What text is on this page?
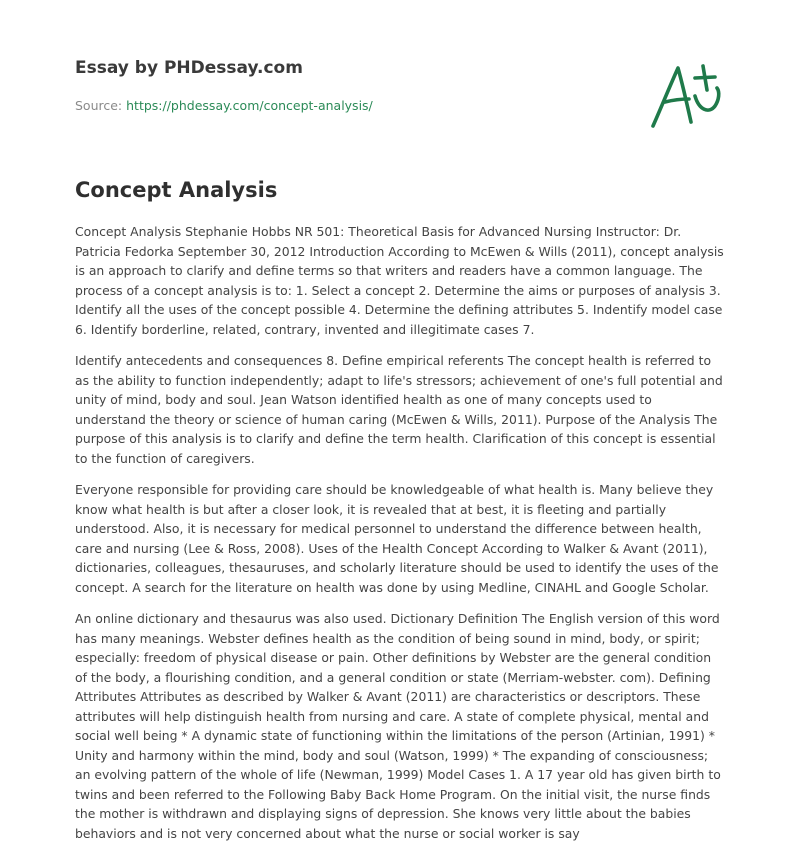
Essay by PHDessay.com
Source: https://phdessay.com/concept-analysis/
Concept Analysis

Concept Analysis Stephanie Hobbs NR 501: Theoretical Basis for Advanced Nursing Instructor: Dr. Patricia Fedorka September 30, 2012 Introduction According to McEwen & Wills (2011), concept analysis is an approach to clarify and define terms so that writers and readers have a common language. The process of a concept analysis is to: 1. Select a concept 2. Determine the aims or purposes of analysis 3. Identify all the uses of the concept possible 4. Determine the defining attributes 5. Indentify model case 6. Identify borderline, related, contrary, invented and illegitimate cases 7.

Identify antecedents and consequences 8. Define empirical referents The concept health is referred to as the ability to function independently; adapt to life's stressors; achievement of one's full potential and unity of mind, body and soul. Jean Watson identified health as one of many concepts used to understand the theory or science of human caring (McEwen & Wills, 2011). Purpose of the Analysis The purpose of this analysis is to clarify and define the term health. Clarification of this concept is essential to the function of caregivers.

Everyone responsible for providing care should be knowledgeable of what health is. Many believe they know what health is but after a closer look, it is revealed that at best, it is fleeting and partially understood. Also, it is necessary for medical personnel to understand the difference between health, care and nursing (Lee & Ross, 2008). Uses of the Health Concept According to Walker & Avant (2011), dictionaries, colleagues, thesauruses, and scholarly literature should be used to identify the uses of the concept. A search for the literature on health was done by using Medline, CINAHL and Google Scholar.

An online dictionary and thesaurus was also used. Dictionary Definition The English version of this word has many meanings. Webster defines health as the condition of being sound in mind, body, or spirit; especially: freedom of physical disease or pain. Other definitions by Webster are the general condition of the body, a flourishing condition, and a general condition or state (Merriam-webster. com). Defining Attributes Attributes as described by Walker & Avant (2011) are characteristics or descriptors. These attributes will help distinguish health from nursing and care. A state of complete physical, mental and social well being * A dynamic state of functioning within the limitations of the person (Artinian, 1991) * Unity and harmony within the mind, body and soul (Watson, 1999) * The expanding of consciousness; an evolving pattern of the whole of life (Newman, 1999) Model Cases 1. A 17 year old has given birth to twins and been referred to the Following Baby Back Home Program. On the initial visit, the nurse finds the mother is withdrawn and displaying signs of depression. She knows very little about the babies behaviors and is not very concerned about what the nurse or social worker is say
